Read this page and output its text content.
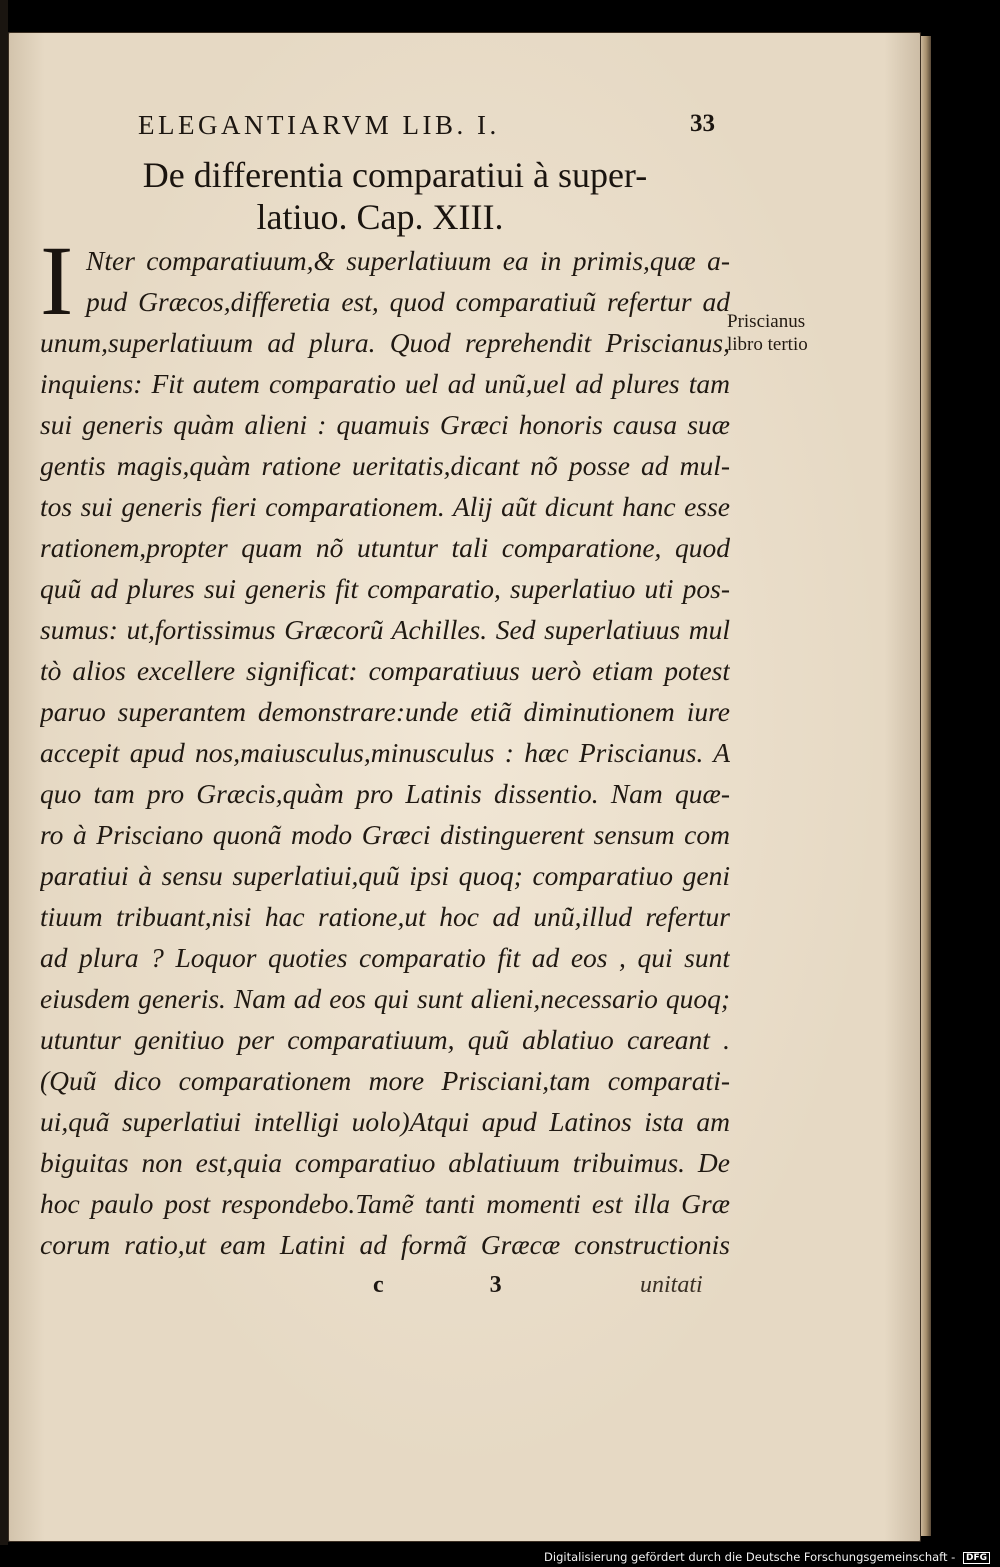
ELEGANTIARVM LIB. I.	33
De differentia comparatiui à super-
latiuo. Cap. XIII.
I Nter comparatiuum,& superlatiuum ea in primis,quæ a-
pud Græcos,differetia est, quod comparatiuũ refertur ad
unum,superlatiuum ad plura. Quod reprehendit Priscianus,
inquiens: Fit autem comparatio uel ad unũ,uel ad plures tam
sui generis quàm alieni : quamuis Græci honoris causa suæ
gentis magis,quàm ratione ueritatis,dicant nõ posse ad mul-
tos sui generis fieri comparationem. Alij aũt dicunt hanc esse
rationem,propter quam nõ utuntur tali comparatione, quod
quũ ad plures sui generis fit comparatio, superlatiuo uti pos-
sumus: ut,fortissimus Græcorũ Achilles. Sed superlatiuus mul
tò alios excellere significat: comparatiuus uerò etiam potest
paruo superantem demonstrare:unde etiã diminutionem iure
accepit apud nos,maiusculus,minusculus : hæc Priscianus. A
quo tam pro Græcis,quàm pro Latinis dissentio. Nam quæ-
ro à Prisciano quonã modo Græci distinguerent sensum com
paratiui à sensu superlatiui,quũ ipsi quoq; comparatiuo geni
tiuum tribuant,nisi hac ratione,ut hoc ad unũ,illud refertur
ad plura ? Loquor quoties comparatio fit ad eos , qui sunt
eiusdem generis. Nam ad eos qui sunt alieni,necessario quoq;
utuntur genitiuo per comparatiuum, quũ ablatiuo careant .
(Quũ dico comparationem more Prisciani,tam comparati-
ui,quã superlatiui intelligi uolo)Atqui apud Latinos ista am
biguitas non est,quia comparatiuo ablatiuum tribuimus. De
hoc paulo post respondebo.Tamẽ tanti momenti est illa Græ
corum ratio,ut eam Latini ad formã Græcæ constructionis
Priscianus
libro tertio
c 3	unitati
Digitalisierung gefördert durch die Deutsche Forschungsgemeinschaft - DFG
